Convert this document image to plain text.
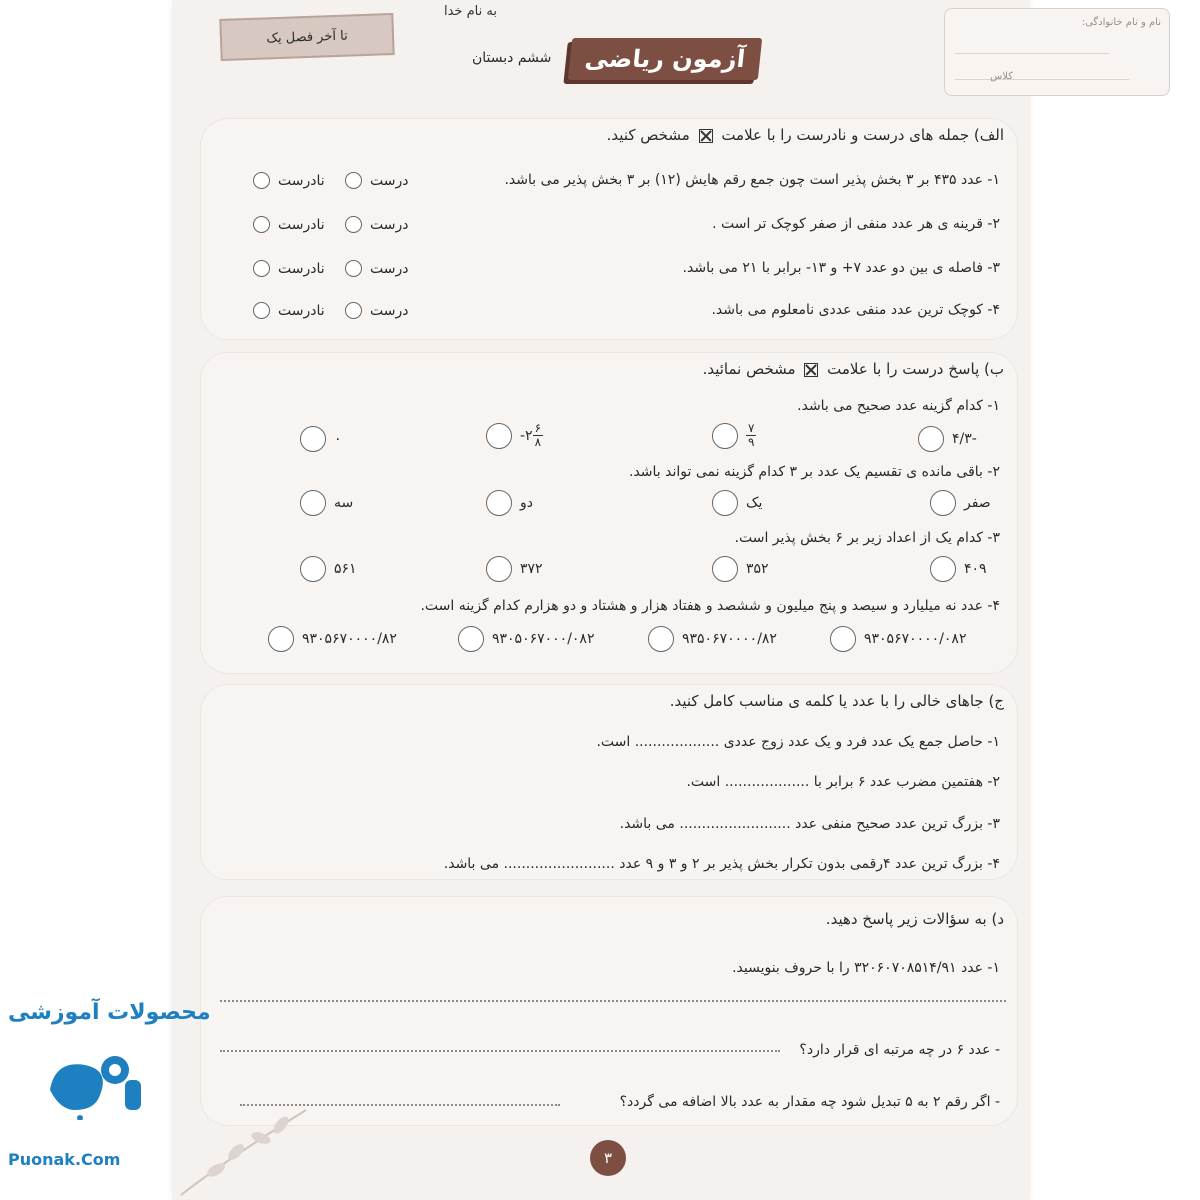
به نام خدا
آزمون ریاضی
ششم دبستان
تا آخر فصل یک
نام و نام خانوادگی:
کلاس
الف) جمله های درست و نادرست را با علامت  مشخص کنید.
۱- عدد ۴۳۵ بر ۳ بخش پذیر است چون جمع رقم هایش (۱۲) بر ۳ بخش پذیر می باشد.
۲- قرینه ی هر عدد منفی از صفر کوچک تر است .
۳- فاصله ی بین دو عدد ۷+ و ۱۳- برابر با ۲۱ می باشد.
۴- کوچک ترین عدد منفی عددی نامعلوم می باشد.
درست
نادرست
درست
نادرست
درست
نادرست
درست
نادرست
ب) پاسخ درست را با علامت  مشخص نمائید.
۱- کدام گزینه عدد صحیح می باشد.
-۴/۳
$\frac{۷}{۹}$
-۲ $\frac{۶}{۸}$
۰
۲- باقی مانده ی تقسیم یک عدد بر ۳ کدام گزینه نمی تواند باشد.
صفر
یک
دو
سه
۳- کدام یک از اعداد زیر بر ۶ بخش پذیر است.
۴۰۹
۳۵۲
۳۷۲
۵۶۱
۴- عدد نه میلیارد و سیصد و پنج میلیون و ششصد و هفتاد هزار و هشتاد و دو هزارم کدام گزینه است.
۹۳۰۵۶۷۰۰۰۰/۰۸۲
۹۳۵۰۶۷۰۰۰۰/۸۲
۹۳۰۵۰۶۷۰۰۰/۰۸۲
۹۳۰۵۶۷۰۰۰۰/۸۲
ج) جاهای خالی را با عدد یا کلمه ی مناسب کامل کنید.
۱- حاصل جمع یک عدد فرد و یک عدد زوج عددی ................... است.
۲- هفتمین مضرب عدد ۶ برابر با ................... است.
۳- بزرگ ترین عدد صحیح منفی عدد ......................... می باشد.
۴- بزرگ ترین عدد ۴رقمی بدون تکرار بخش پذیر بر ۲ و ۳ و ۹ عدد ......................... می باشد.
د) به سؤالات زیر پاسخ دهید.
۱- عدد ۳۲۰۶۰۷۰۸۵۱۴/۹۱ را با حروف بنویسید.
- عدد ۶ در چه مرتبه ای قرار دارد؟
- اگر رقم ۲ به ۵ تبدیل شود چه مقدار به عدد بالا اضافه می گردد؟
۳
محصولات آموزشی
Puonak.Com
